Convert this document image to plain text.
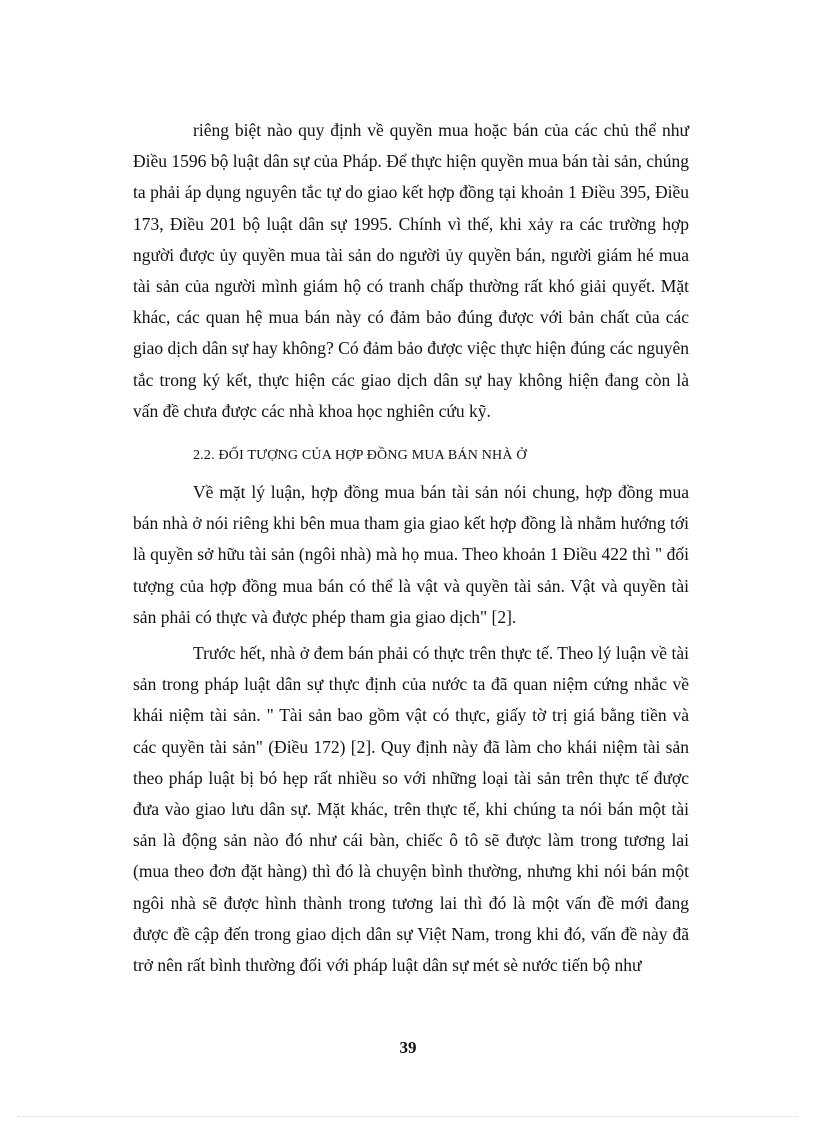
riêng biệt nào quy định về quyền mua hoặc bán của các chủ thể như Điều 1596 bộ luật dân sự của Pháp. Để thực hiện quyền mua bán tài sản, chúng ta phải áp dụng nguyên tắc tự do giao kết hợp đồng tại khoản 1 Điều 395, Điều 173, Điều 201 bộ luật dân sự 1995. Chính vì thế, khi xảy ra các trường hợp người được ủy quyền mua tài sản do người ủy quyền bán, người giám hé mua tài sản của người mình giám hộ có tranh chấp thường rất khó giải quyết. Mặt khác, các quan hệ mua bán này có đảm bảo đúng được với bản chất của các giao dịch dân sự hay không? Có đảm bảo được việc thực hiện đúng các nguyên tắc trong ký kết, thực hiện các giao dịch dân sự hay không hiện đang còn là vấn đề chưa được các nhà khoa học nghiên cứu kỹ.

2.2. ĐỐI TƯỢNG CỦA HỢP ĐỒNG MUA BÁN NHÀ Ở

Về mặt lý luận, hợp đồng mua bán tài sản nói chung, hợp đồng mua bán nhà ở nói riêng khi bên mua tham gia giao kết hợp đồng là nhằm hướng tới là quyền sở hữu tài sản (ngôi nhà) mà họ mua. Theo khoản 1 Điều 422 thì " đối tượng của hợp đồng mua bán có thể là vật và quyền tài sản. Vật và quyền tài sản phải có thực và được phép tham gia giao dịch" [2].

Trước hết, nhà ở đem bán phải có thực trên thực tế. Theo lý luận về tài sản trong pháp luật dân sự thực định của nước ta đã quan niệm cứng nhắc về khái niệm tài sản. " Tài sản bao gồm vật có thực, giấy tờ trị giá bằng tiền và các quyền tài sản" (Điều 172) [2]. Quy định này đã làm cho khái niệm tài sản theo pháp luật bị bó hẹp rất nhiều so với những loại tài sản trên thực tế được đưa vào giao lưu dân sự. Mặt khác, trên thực tế, khi chúng ta nói bán một tài sản là động sản nào đó như cái bàn, chiếc ô tô sẽ được làm trong tương lai (mua theo đơn đặt hàng) thì đó là chuyện bình thường, nhưng khi nói bán một ngôi nhà sẽ được hình thành trong tương lai thì đó là một vấn đề mới đang được đề cập đến trong giao dịch dân sự Việt Nam, trong khi đó, vấn đề này đã trở nên rất bình thường đối với pháp luật dân sự mét sè nước tiến bộ như

39
